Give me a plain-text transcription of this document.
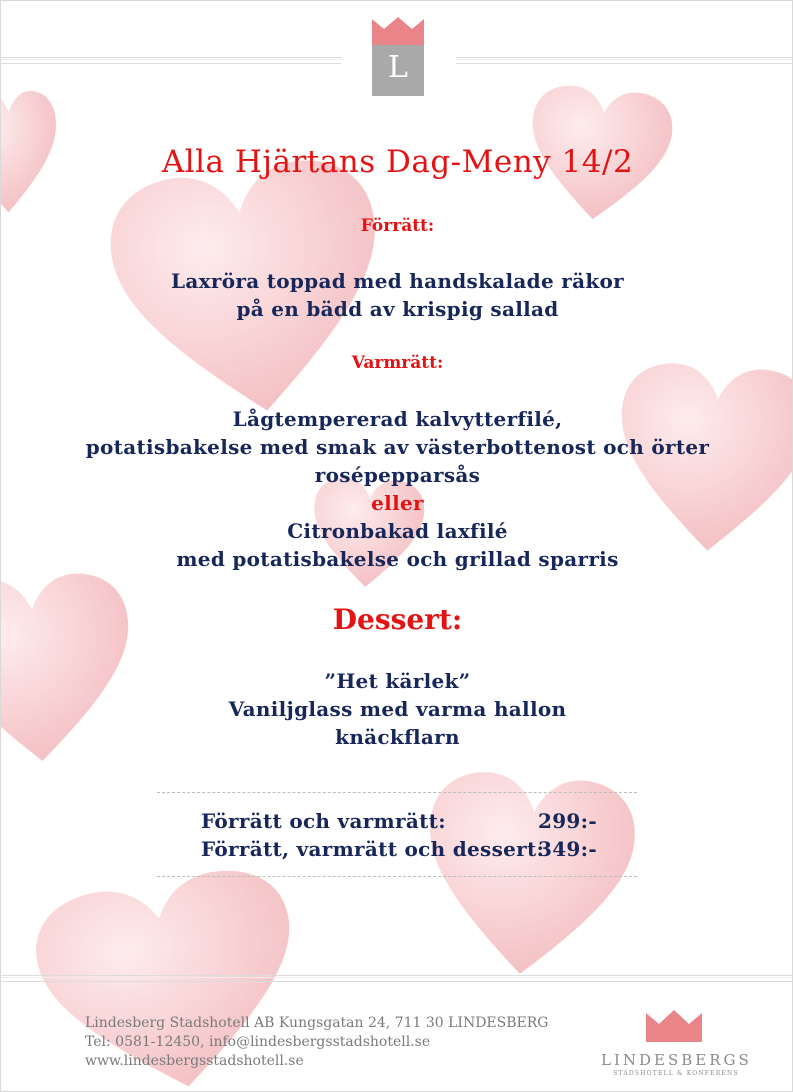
L
Alla Hjärtans Dag-Meny 14/2
Förrätt:
Laxröra toppad med handskalade räkor
på en bädd av krispig sallad
Varmrätt:
Lågtempererad kalvytterfilé,
potatisbakelse med smak av västerbottenost och örter
rosépepparsås
eller
Citronbakad laxfilé
med potatisbakelse och grillad sparris
Dessert:
”Het kärlek”
Vaniljglass med varma hallon
knäckflarn
Förrätt och varmrätt:	299:-
Förrätt, varmrätt och dessert:
349:-
Lindesberg Stadshotell AB Kungsgatan 24, 711 30 LINDESBERG
Tel: 0581-12450, info@lindesbergsstadshotell.se
www.lindesbergsstadshotell.se	LINDESBERGS
STADSHOTELL & KONFERENS
